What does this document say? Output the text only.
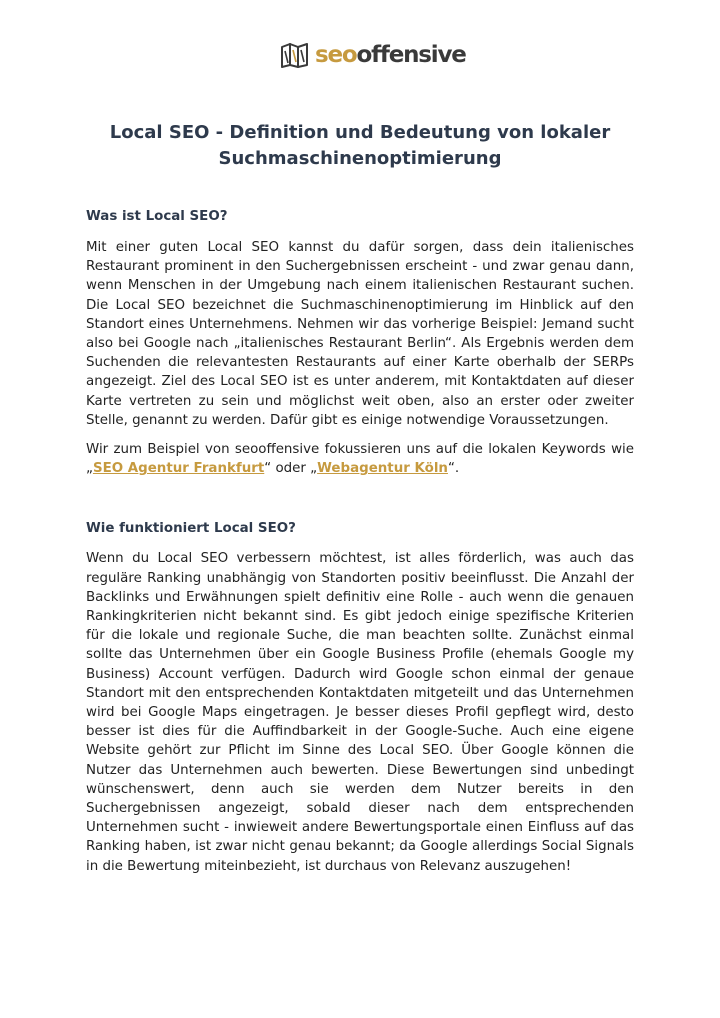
seooffensive
Local SEO - Definition und Bedeutung von lokaler
Suchmaschinenoptimierung
Was ist Local SEO?

Mit einer guten Local SEO kannst du dafür sorgen, dass dein italienisches Restaurant prominent in den Suchergebnissen erscheint - und zwar genau dann, wenn Menschen in der Umgebung nach einem italienischen Restaurant suchen. Die Local SEO bezeichnet die Suchmaschinenoptimierung im Hinblick auf den Standort eines Unternehmens. Nehmen wir das vorherige Beispiel: Jemand sucht also bei Google nach „italienisches Restaurant Berlin“. Als Ergebnis werden dem Suchenden die relevantesten Restaurants auf einer Karte oberhalb der SERPs angezeigt. Ziel des Local SEO ist es unter anderem, mit Kontaktdaten auf dieser Karte vertreten zu sein und möglichst weit oben, also an erster oder zweiter Stelle, genannt zu werden. Dafür gibt es einige notwendige Voraussetzungen.

Wir zum Beispiel von seooffensive fokussieren uns auf die lokalen Keywords wie „SEO Agentur Frankfurt“ oder „Webagentur Köln“.

Wie funktioniert Local SEO?

Wenn du Local SEO verbessern möchtest, ist alles förderlich, was auch das reguläre Ranking unabhängig von Standorten positiv beeinflusst. Die Anzahl der Backlinks und Erwähnungen spielt definitiv eine Rolle - auch wenn die genauen Rankingkriterien nicht bekannt sind. Es gibt jedoch einige spezifische Kriterien für die lokale und regionale Suche, die man beachten sollte. Zunächst einmal sollte das Unternehmen über ein Google Business Profile (ehemals Google my Business) Account verfügen. Dadurch wird Google schon einmal der genaue Standort mit den entsprechenden Kontaktdaten mitgeteilt und das Unternehmen wird bei Google Maps eingetragen. Je besser dieses Profil gepflegt wird, desto besser ist dies für die Auffindbarkeit in der Google-Suche. Auch eine eigene Website gehört zur Pflicht im Sinne des Local SEO. Über Google können die Nutzer das Unternehmen auch bewerten. Diese Bewertungen sind unbedingt wünschenswert, denn auch sie werden dem Nutzer bereits in den Suchergebnissen angezeigt, sobald dieser nach dem entsprechenden Unternehmen sucht - inwieweit andere Bewertungsportale einen Einfluss auf das Ranking haben, ist zwar nicht genau bekannt; da Google allerdings Social Signals in die Bewertung miteinbezieht, ist durchaus von Relevanz auszugehen!
